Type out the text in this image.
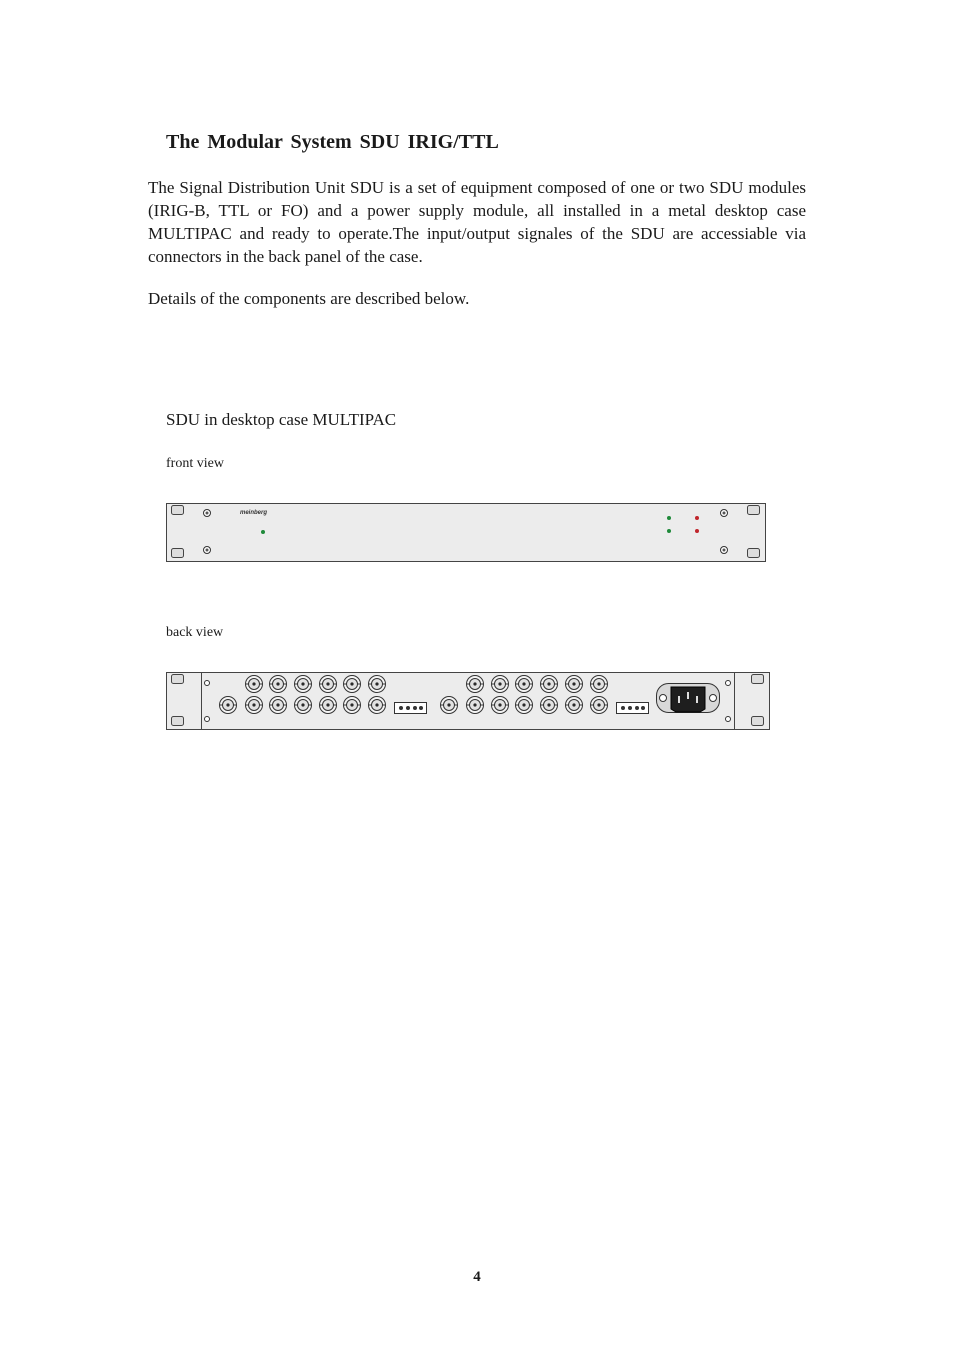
The Modular System SDU IRIG/TTL

The Signal Distribution Unit SDU is a set of equipment composed of one or two SDU modules (IRIG-B, TTL or FO) and a power supply module, all installed in a metal desktop case MULTIPAC and ready to operate.The input/output signales of the SDU are accessiable via connectors in the back panel of the case.

Details of the components are described below.

SDU in desktop case MULTIPAC

front view

back view

meinberg

4
